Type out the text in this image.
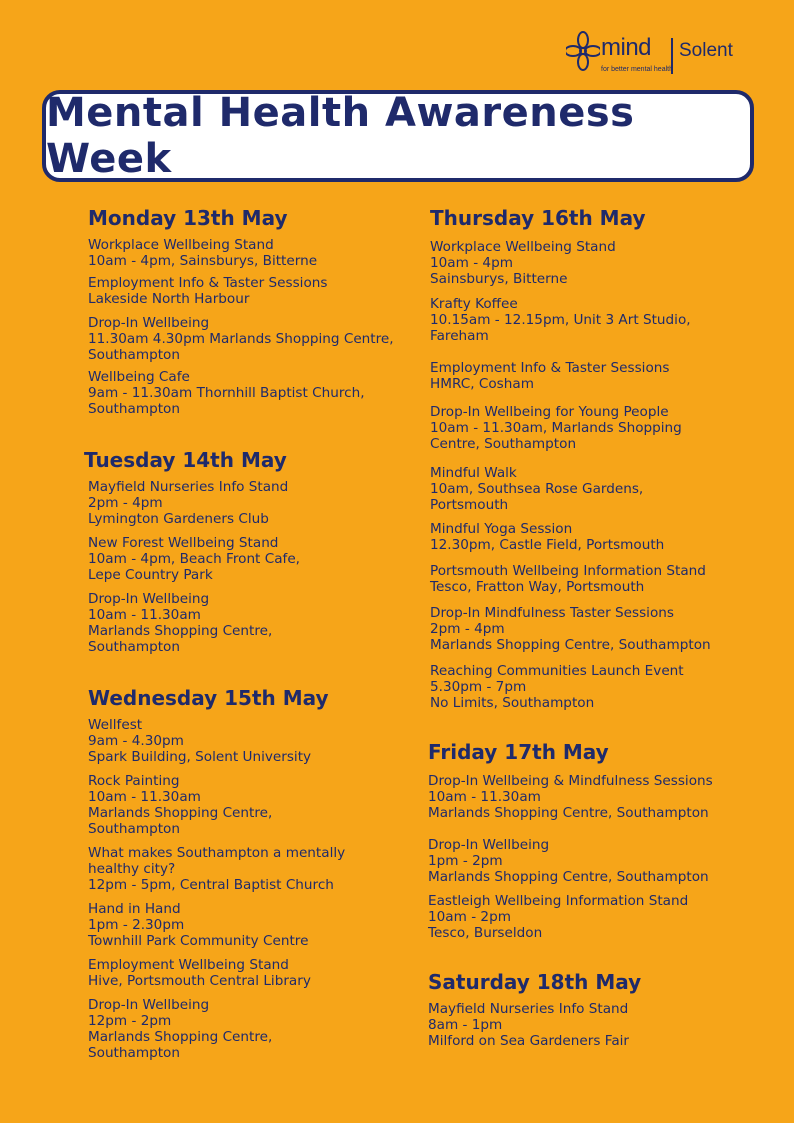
mind Solent
for better mental health
Mental Health Awareness Week
Monday 13th May
Workplace Wellbeing Stand
10am - 4pm, Sainsburys, Bitterne
Employment Info & Taster Sessions
Lakeside North Harbour
Drop-In Wellbeing
11.30am 4.30pm Marlands Shopping Centre,
Southampton
Wellbeing Cafe
9am - 11.30am Thornhill Baptist Church,
Southampton
Tuesday 14th May
Mayfield Nurseries Info Stand
2pm - 4pm
Lymington Gardeners Club
New Forest Wellbeing Stand
10am - 4pm, Beach Front Cafe,
Lepe Country Park
Drop-In Wellbeing
10am - 11.30am
Marlands Shopping Centre,
Southampton
Wednesday 15th May
Wellfest
9am - 4.30pm
Spark Building, Solent University
Rock Painting
10am - 11.30am
Marlands Shopping Centre,
Southampton
What makes Southampton a mentally
healthy city?
12pm - 5pm, Central Baptist Church
Hand in Hand
1pm - 2.30pm
Townhill Park Community Centre
Employment Wellbeing Stand
Hive, Portsmouth Central Library
Drop-In Wellbeing
12pm - 2pm
Marlands Shopping Centre,
Southampton
Thursday 16th May
Workplace Wellbeing Stand
10am - 4pm
Sainsburys, Bitterne
Krafty Koffee
10.15am - 12.15pm, Unit 3 Art Studio,
Fareham
Employment Info & Taster Sessions
HMRC, Cosham
Drop-In Wellbeing for Young People
10am - 11.30am, Marlands Shopping
Centre, Southampton
Mindful Walk
10am, Southsea Rose Gardens,
Portsmouth
Mindful Yoga Session
12.30pm, Castle Field, Portsmouth
Portsmouth Wellbeing Information Stand
Tesco, Fratton Way, Portsmouth
Drop-In Mindfulness Taster Sessions
2pm - 4pm
Marlands Shopping Centre, Southampton
Reaching Communities Launch Event
5.30pm - 7pm
No Limits, Southampton
Friday 17th May
Drop-In Wellbeing & Mindfulness Sessions
10am - 11.30am
Marlands Shopping Centre, Southampton
Drop-In Wellbeing
1pm - 2pm
Marlands Shopping Centre, Southampton
Eastleigh Wellbeing Information Stand
10am - 2pm
Tesco, Burseldon
Saturday 18th May
Mayfield Nurseries Info Stand
8am - 1pm
Milford on Sea Gardeners Fair
